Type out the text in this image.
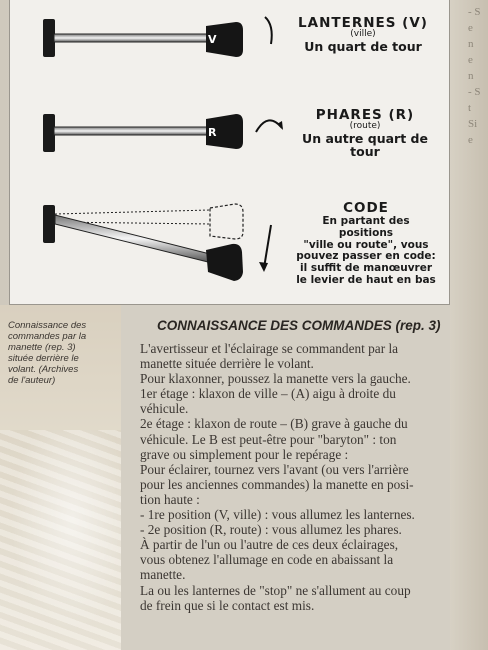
V
R
LANTERNES (V)
(ville)
Un quart de tour
PHARES (R)
(route)
Un autre quart de tour
CODE
En partant des positions
"ville ou route", vous
pouvez passer en code:
il suffit de manœuvrer
le levier de haut en bas
- S
e
n
e
n
- S
t
Si
e
Connaissance des
commandes par la
manette (rep. 3)
située derrière le
volant. (Archives
de l'auteur)
CONNAISSANCE DES COMMANDES (rep. 3)

L'avertisseur et l'éclairage se commandent par la

manette située derrière le volant.

Pour klaxonner, poussez la manette vers la gauche.

1er étage : klaxon de ville – (A) aigu à droite du

véhicule.

2e étage : klaxon de route – (B) grave à gauche du

véhicule. Le B est peut-être pour "baryton" : ton

grave ou simplement pour le repérage :

Pour éclairer, tournez vers l'avant (ou vers l'arrière

pour les anciennes commandes) la manette en posi-

tion haute :

- 1re position (V, ville) : vous allumez les lanternes.

- 2e position (R, route) : vous allumez les phares.

À partir de l'un ou l'autre de ces deux éclairages,

vous obtenez l'allumage en code en abaissant la

manette.

La ou les lanternes de "stop" ne s'allument au coup

de frein que si le contact est mis.
